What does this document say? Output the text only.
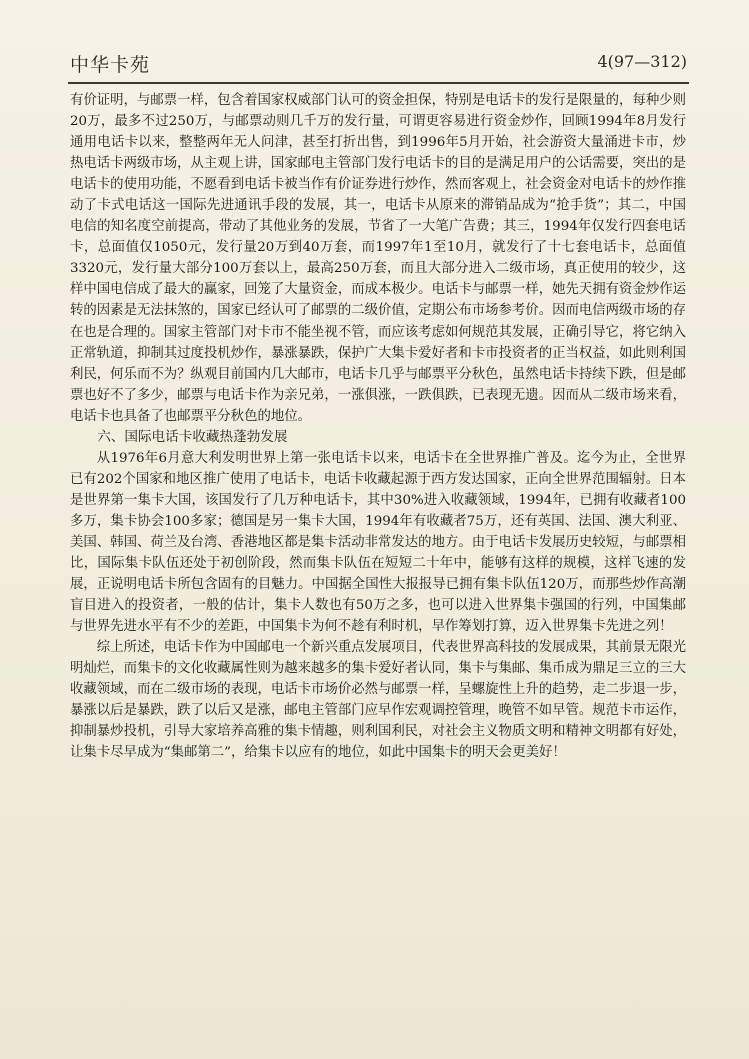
中华卡苑	4(97—312)

有价证明，与邮票一样，包含着国家权威部门认可的资金担保，特别是电话卡的发行是限量的，每种少则20万，最多不过250万，与邮票动则几千万的发行量，可谓更容易进行资金炒作，回顾1994年8月发行通用电话卡以来，整整两年无人问津，甚至打折出售，到1996年5月开始，社会游资大量涌进卡市，炒热电话卡两级市场，从主观上讲，国家邮电主管部门发行电话卡的目的是满足用户的公话需要，突出的是电话卡的使用功能，不愿看到电话卡被当作有价证券进行炒作，然而客观上，社会资金对电话卡的炒作推动了卡式电话这一国际先进通讯手段的发展，其一，电话卡从原来的滞销品成为“抢手货”；其二，中国电信的知名度空前提高，带动了其他业务的发展，节省了一大笔广告费；其三，1994年仅发行四套电话卡，总面值仅1050元，发行量20万到40万套，而1997年1至10月，就发行了十七套电话卡，总面值3320元，发行量大部分100万套以上，最高250万套，而且大部分进入二级市场，真正使用的较少，这样中国电信成了最大的赢家，回笼了大量资金，而成本极少。电话卡与邮票一样，她先天拥有资金炒作运转的因素是无法抹煞的，国家已经认可了邮票的二级价值，定期公布市场参考价。因而电信两级市场的存在也是合理的。国家主管部门对卡市不能坐视不管，而应该考虑如何规范其发展，正确引导它，将它纳入正常轨道，抑制其过度投机炒作，暴涨暴跌，保护广大集卡爱好者和卡市投资者的正当权益，如此则利国利民，何乐而不为？纵观目前国内几大邮市，电话卡几乎与邮票平分秋色，虽然电话卡持续下跌，但是邮票也好不了多少，邮票与电话卡作为亲兄弟，一涨俱涨，一跌俱跌，已表现无遗。因而从二级市场来看，电话卡也具备了也邮票平分秋色的地位。

六、国际电话卡收藏热蓬勃发展

从1976年6月意大利发明世界上第一张电话卡以来，电话卡在全世界推广普及。迄今为止，全世界已有202个国家和地区推广使用了电话卡，电话卡收藏起源于西方发达国家，正向全世界范围辐射。日本是世界第一集卡大国，该国发行了几万种电话卡，其中30%进入收藏领域，1994年，已拥有收藏者100多万，集卡协会100多家；德国是另一集卡大国，1994年有收藏者75万，还有英国、法国、澳大利亚、美国、韩国、荷兰及台湾、香港地区都是集卡活动非常发达的地方。由于电话卡发展历史较短，与邮票相比，国际集卡队伍还处于初创阶段，然而集卡队伍在短短二十年中，能够有这样的规模，这样飞速的发展，正说明电话卡所包含固有的目魅力。中国据全国性大报报导已拥有集卡队伍120万，而那些炒作高潮盲目进入的投资者，一般的估计，集卡人数也有50万之多，也可以进入世界集卡强国的行列，中国集邮与世界先进水平有不少的差距，中国集卡为何不趁有利时机，早作筹划打算，迈入世界集卡先进之列！

综上所述，电话卡作为中国邮电一个新兴重点发展项目，代表世界高科技的发展成果，其前景无限光明灿烂，而集卡的文化收藏属性则为越来越多的集卡爱好者认同，集卡与集邮、集币成为鼎足三立的三大收藏领域，而在二级市场的表现，电话卡市场价必然与邮票一样，呈螺旋性上升的趋势，走二步退一步，暴涨以后是暴跌，跌了以后又是涨，邮电主管部门应早作宏观调控管理，晚管不如早管。规范卡市运作，抑制暴炒投机，引导大家培养高雅的集卡情趣，则利国利民，对社会主义物质文明和精神文明都有好处，让集卡尽早成为“集邮第二”，给集卡以应有的地位，如此中国集卡的明天会更美好！
